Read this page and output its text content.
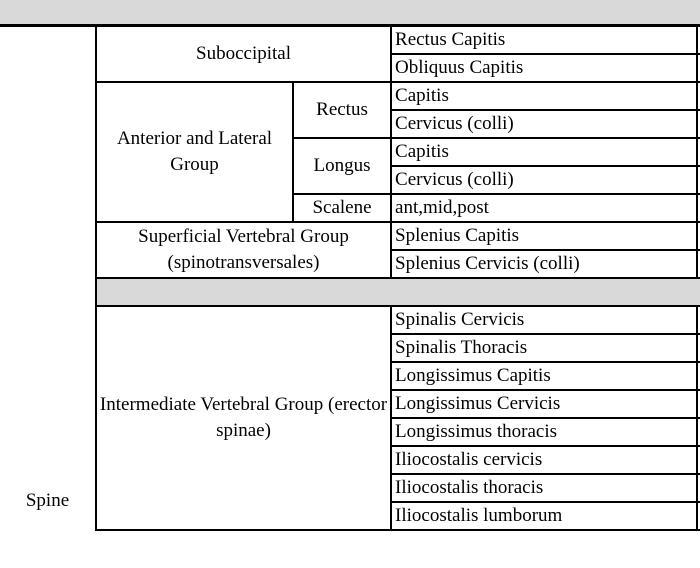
Spine	Suboccipital		Rectus Capitis	
			Obliquus Capitis	
	Anterior and Lateral Group	Rectus	Capitis	
			Cervicus (colli)	
		Longus	Capitis	
			Cervicus (colli)	
		Scalene	ant,mid,post	
	Superficial Vertebral Group (spinotransversales)		Splenius Capitis	
			Splenius Cervicis (colli)	

	Intermediate Vertebral Group (erector spinae)		Spinalis Cervicis	
			Spinalis Thoracis	
			Longissimus Capitis	
			Longissimus Cervicis	
			Longissimus thoracis	
			Iliocostalis cervicis	
			Iliocostalis thoracis	
			Iliocostalis lumborum	
